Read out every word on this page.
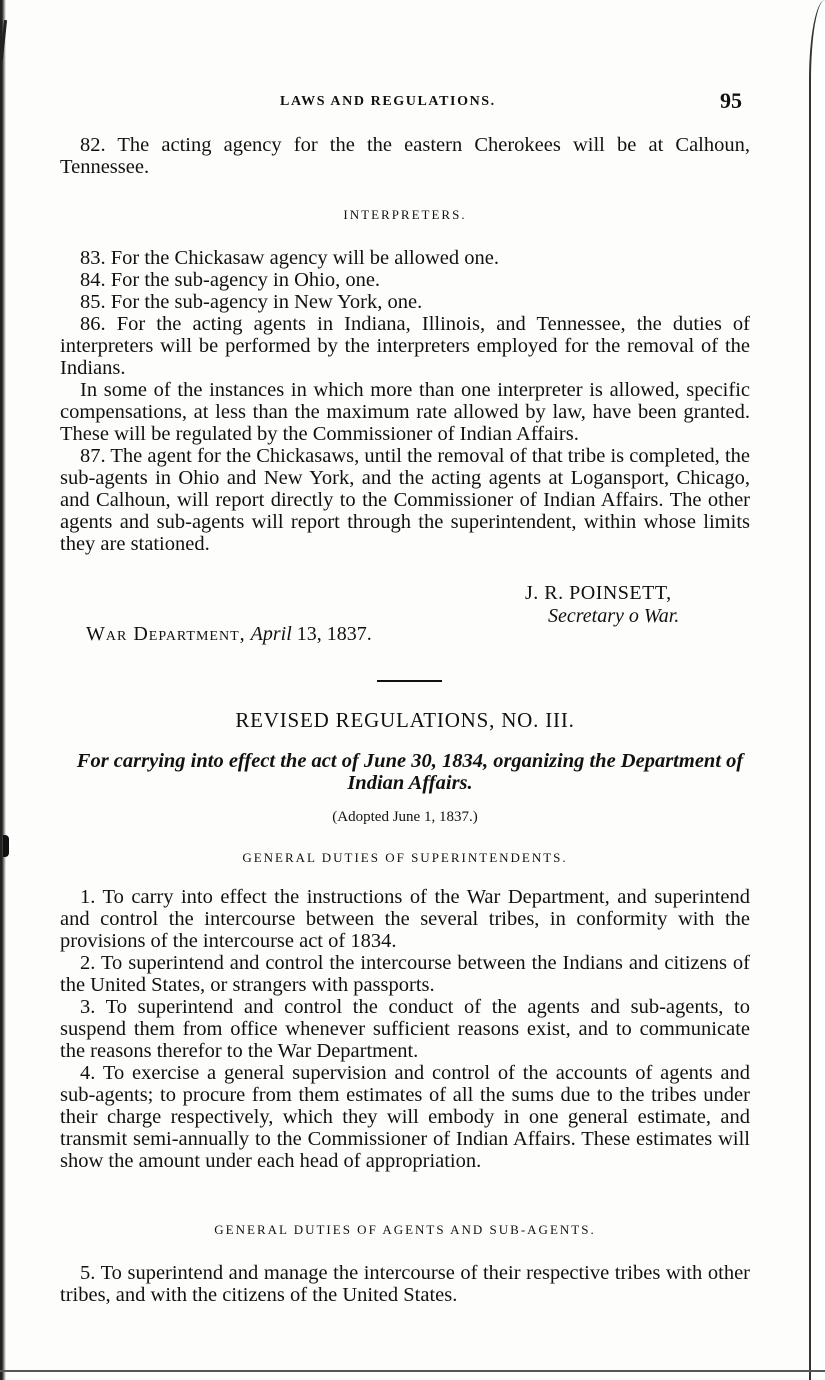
LAWS AND REGULATIONS.	95

82. The acting agency for the the eastern Cherokees will be at Calhoun, Tennessee.

INTERPRETERS.

83. For the Chickasaw agency will be allowed one.

84. For the sub-agency in Ohio, one.

85. For the sub-agency in New York, one.

86. For the acting agents in Indiana, Illinois, and Tennessee, the duties of interpreters will be performed by the interpreters employed for the removal of the Indians.

In some of the instances in which more than one interpreter is allowed, specific compensations, at less than the maximum rate allowed by law, have been granted. These will be regulated by the Commissioner of Indian Affairs.

87. The agent for the Chickasaws, until the removal of that tribe is completed, the sub-agents in Ohio and New York, and the acting agents at Logansport, Chicago, and Calhoun, will report directly to the Commissioner of Indian Affairs. The other agents and sub-agents will report through the superintendent, within whose limits they are stationed.

J. R. POINSETT,
Secretary o War.
War Department, April 13, 1837.
REVISED REGULATIONS, NO. III.
For carrying into effect the act of June 30, 1834, organizing the Department of Indian Affairs.
(Adopted June 1, 1837.)
GENERAL DUTIES OF SUPERINTENDENTS.

1. To carry into effect the instructions of the War Department, and superintend and control the intercourse between the several tribes, in conformity with the provisions of the intercourse act of 1834.

2. To superintend and control the intercourse between the Indians and citizens of the United States, or strangers with passports.

3. To superintend and control the conduct of the agents and sub-agents, to suspend them from office whenever sufficient reasons exist, and to communicate the reasons therefor to the War Department.

4. To exercise a general supervision and control of the accounts of agents and sub-agents; to procure from them estimates of all the sums due to the tribes under their charge respectively, which they will embody in one general estimate, and transmit semi-annually to the Commissioner of Indian Affairs. These estimates will show the amount under each head of appropriation.

GENERAL DUTIES OF AGENTS AND SUB-AGENTS.

5. To superintend and manage the intercourse of their respective tribes with other tribes, and with the citizens of the United States.
